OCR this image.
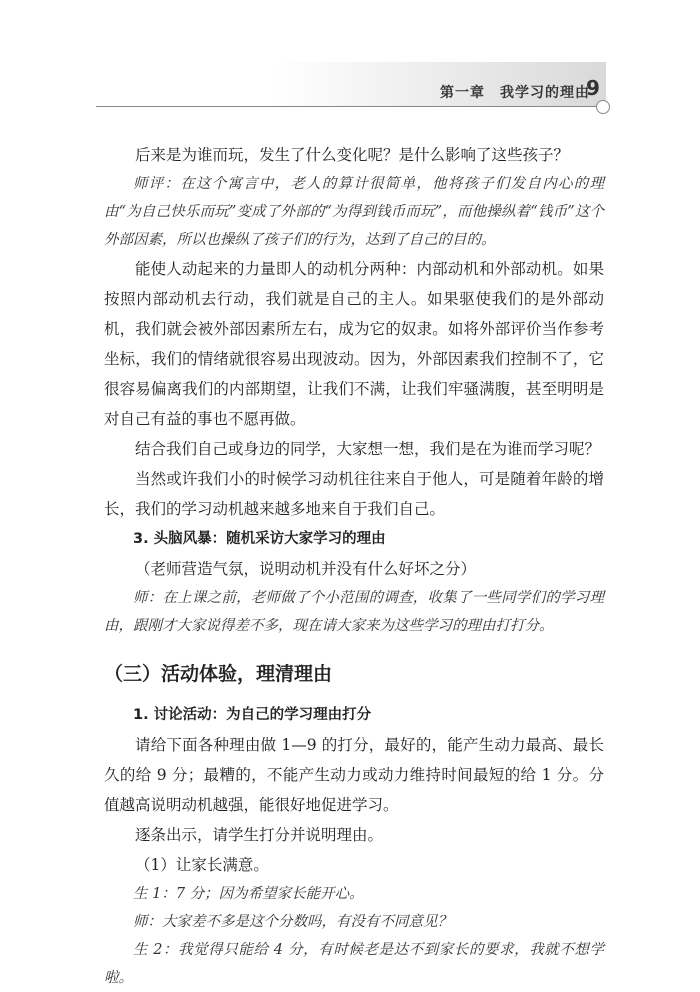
第一章　我学习的理由
9

后来是为谁而玩，发生了什么变化呢？是什么影响了这些孩子？

师评：在这个寓言中，老人的算计很简单，他将孩子们发自内心的理由“为自己快乐而玩”变成了外部的“为得到钱币而玩”，而他操纵着“钱币”这个外部因素，所以也操纵了孩子们的行为，达到了自己的目的。

能使人动起来的力量即人的动机分两种：内部动机和外部动机。如果按照内部动机去行动，我们就是自己的主人。如果驱使我们的是外部动机，我们就会被外部因素所左右，成为它的奴隶。如将外部评价当作参考坐标，我们的情绪就很容易出现波动。因为，外部因素我们控制不了，它很容易偏离我们的内部期望，让我们不满，让我们牢骚满腹，甚至明明是对自己有益的事也不愿再做。

结合我们自己或身边的同学，大家想一想，我们是在为谁而学习呢？

当然或许我们小的时候学习动机往往来自于他人，可是随着年龄的增长，我们的学习动机越来越多地来自于我们自己。

3. 头脑风暴：随机采访大家学习的理由

（老师营造气氛，说明动机并没有什么好坏之分）

师：在上课之前，老师做了个小范围的调查，收集了一些同学们的学习理由，跟刚才大家说得差不多，现在请大家来为这些学习的理由打打分。

（三）活动体验，理清理由

1. 讨论活动：为自己的学习理由打分

请给下面各种理由做 1—9 的打分，最好的，能产生动力最高、最长久的给 9 分；最糟的，不能产生动力或动力维持时间最短的给 1 分。分值越高说明动机越强，能很好地促进学习。

逐条出示，请学生打分并说明理由。

（1）让家长满意。

生 1：7 分；因为希望家长能开心。

师：大家差不多是这个分数吗，有没有不同意见？

生 2：我觉得只能给 4 分，有时候老是达不到家长的要求，我就不想学啦。
